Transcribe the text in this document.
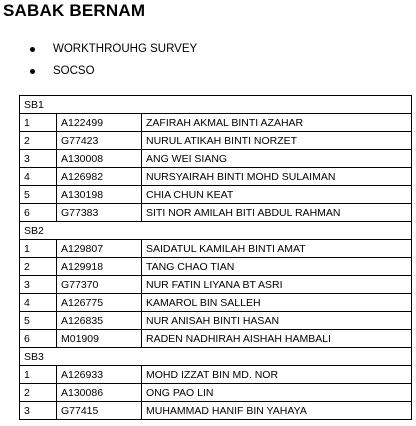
SABAK BERNAM
WORKTHROUHG SURVEY
SOCSO
SB1		
1	A122499	ZAFIRAH AKMAL BINTI AZAHAR
2	G77423	NURUL ATIKAH BINTI NORZET
3	A130008	ANG WEI SIANG
4	A126982	NURSYAIRAH BINTI MOHD SULAIMAN
5	A130198	CHIA CHUN KEAT
6	G77383	SITI NOR AMILAH BITI ABDUL RAHMAN
SB2		
1	A129807	SAIDATUL KAMILAH BINTI AMAT
2	A129918	TANG CHAO TIAN
3	G77370	NUR FATIN LIYANA BT ASRI
4	A126775	KAMAROL BIN SALLEH
5	A126835	NUR ANISAH BINTI HASAN
6	M01909	RADEN NADHIRAH AISHAH HAMBALI
SB3		
1	A126933	MOHD IZZAT BIN MD. NOR
2	A130086	ONG PAO LIN
3	G77415	MUHAMMAD HANIF BIN YAHAYA
